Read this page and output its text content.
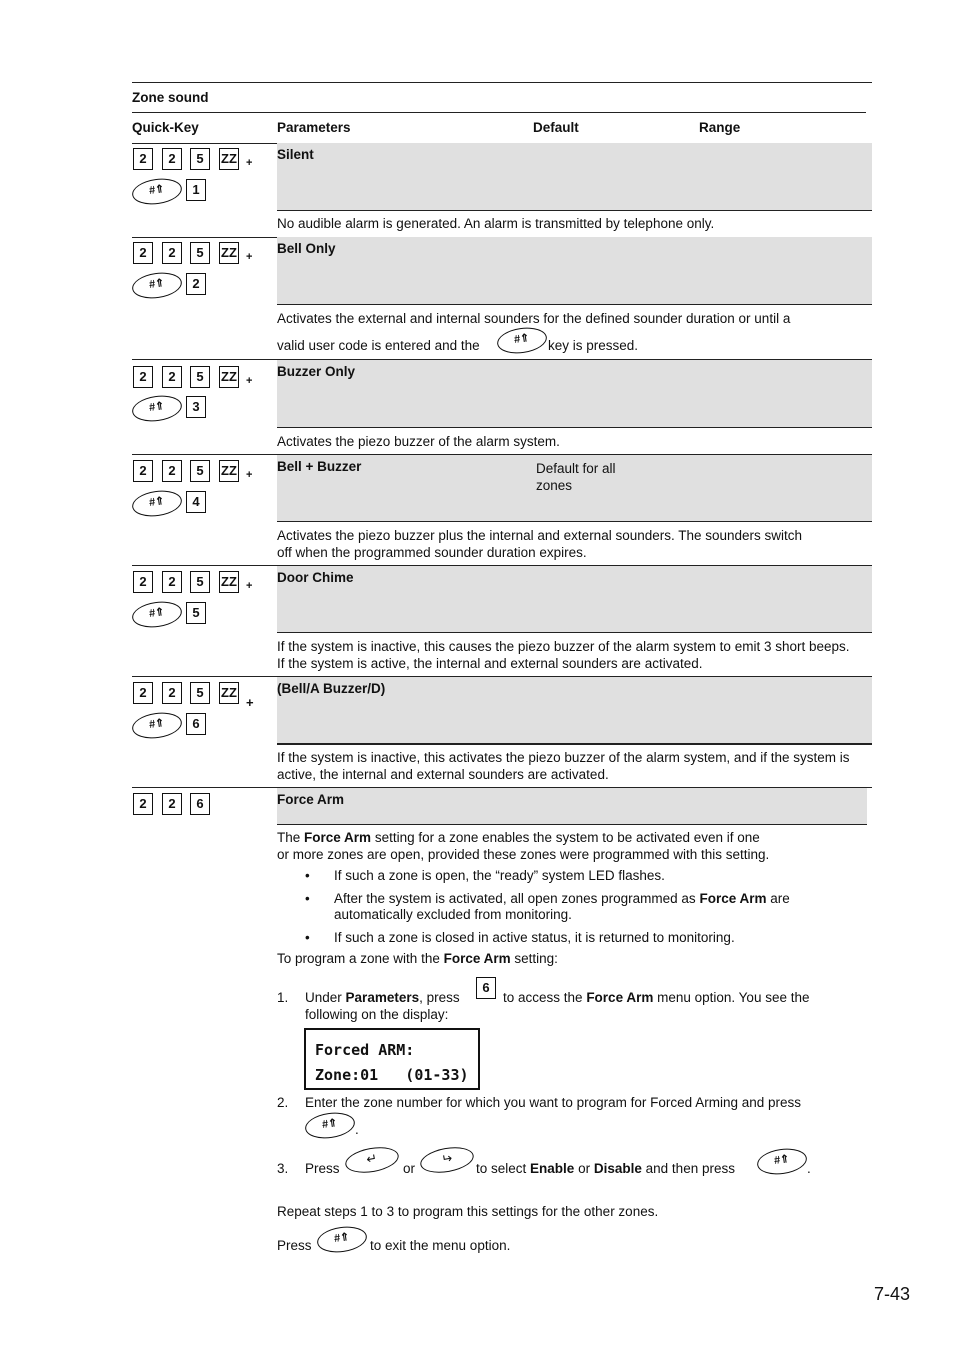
Zone sound
Quick-Key	Parameters	Default	Range
2	2	5	ZZ +
#⇑	1
Silent
No audible alarm is generated. An alarm is transmitted by telephone only.
2	2	5	ZZ +
#⇑	2
Bell Only
Activates the external and internal sounders for the defined sounder duration or until a
valid user code is entered and the	#⇑	key is pressed.
2	2	5	ZZ +
#⇑	3
Buzzer Only
Activates the piezo buzzer of the alarm system.
2	2	5	ZZ +
#⇑	4
Bell + Buzzer	Default for all zones
Activates the piezo buzzer plus the internal and external sounders. The sounders switch off when the programmed sounder duration expires.
2	2	5	ZZ +
#⇑	5
Door Chime
If the system is inactive, this causes the piezo buzzer of the alarm system to emit 3 short beeps. If the system is active, the internal and external sounders are activated.
2	2	5	ZZ
+
#⇑	6
(Bell/A Buzzer/D)
If the system is inactive, this activates the piezo buzzer of the alarm system, and if the system is active, the internal and external sounders are activated.
2	2	6	Force Arm
The Force Arm setting for a zone enables the system to be activated even if one
or more zones are open, provided these zones were programmed with this setting.
• If such a zone is open, the “ready” system LED flashes.
• After the system is activated, all open zones programmed as Force Arm are
automatically excluded from monitoring.
• If such a zone is closed in active status, it is returned to monitoring.
To program a zone with the Force Arm setting:
1. Under Parameters, press
6
to access the Force Arm menu option. You see the
following on the display:
Forced ARM:
Zone:01   (01-33)
2. Enter the zone number for which you want to program for Forced Arming and press
#⇑	.
3. Press
↵
or
↵
to select Enable or Disable and then press
#⇑
.
Repeat steps 1 to 3 to program this settings for the other zones.
Press	#⇑	to exit the menu option.
7-43
